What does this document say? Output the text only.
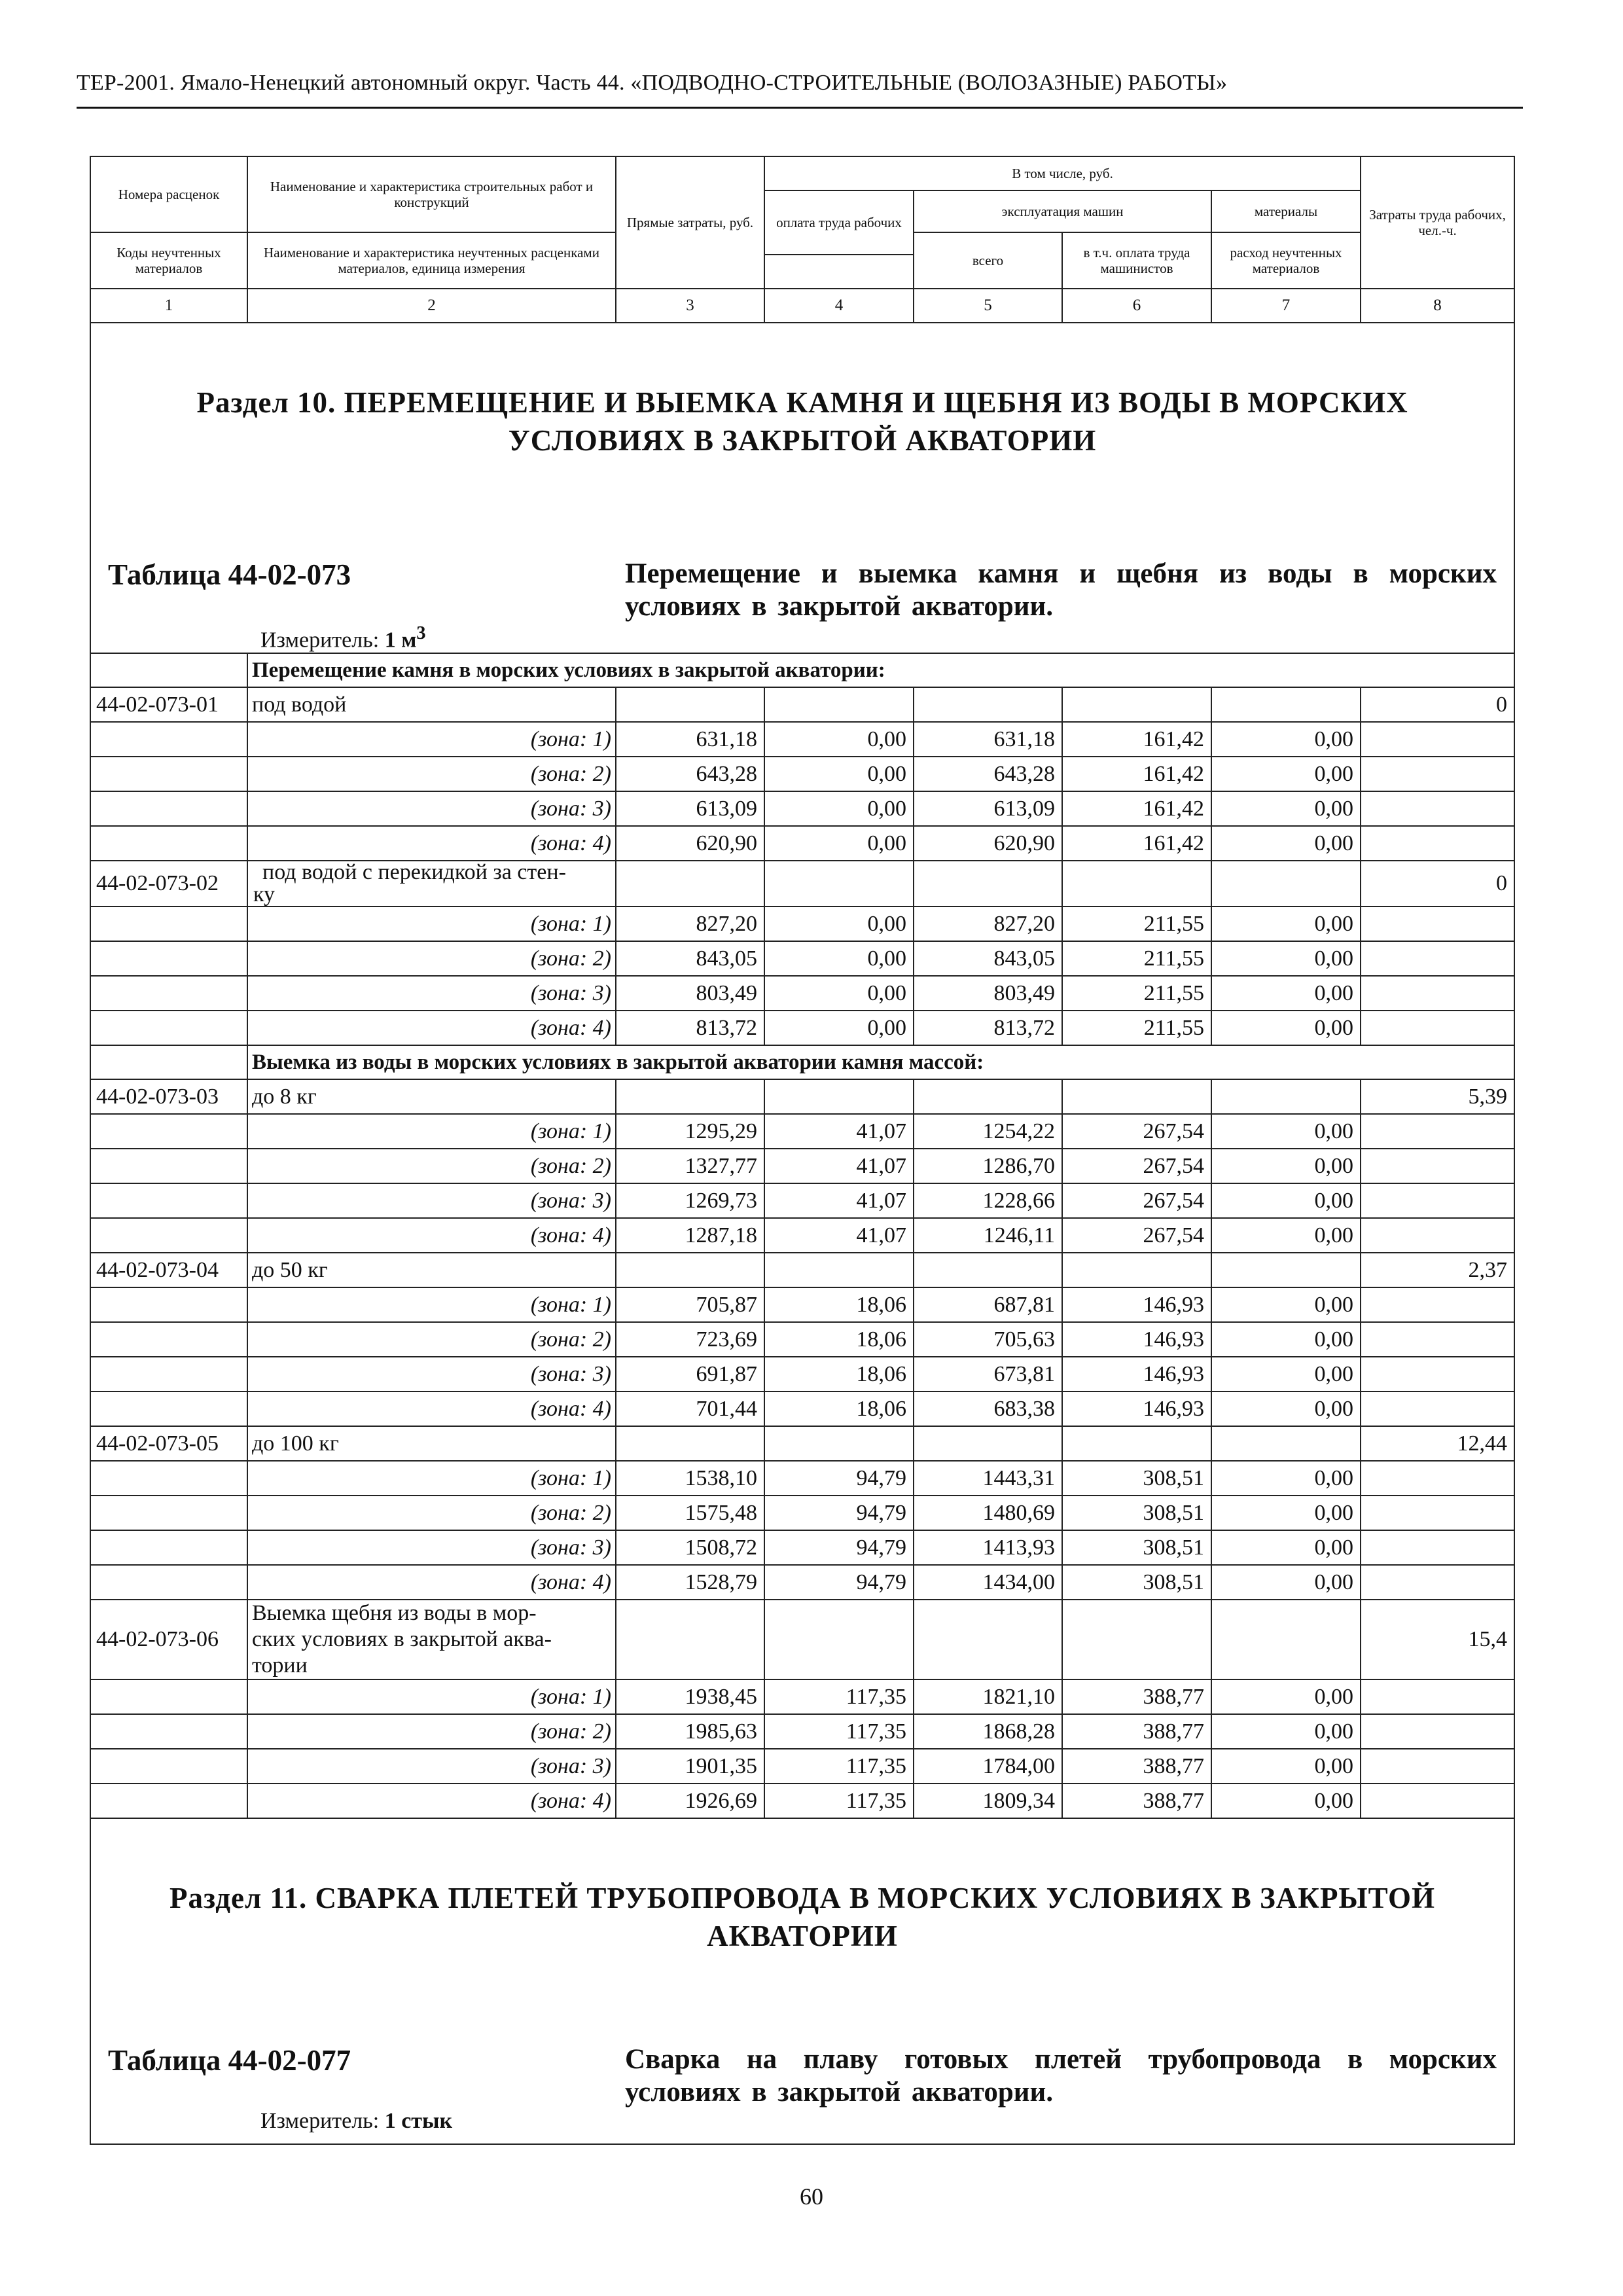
ТЕР-2001. Ямало-Ненецкий автономный округ. Часть 44. «ПОДВОДНО-СТРОИТЕЛЬНЫЕ (ВОЛОЗАЗНЫЕ) РАБОТЫ»
Номера расценок	Наименование и характеристика строительных работ и конструкций	Прямые затраты, руб.	В том числе, руб.				Затраты труда рабочих, чел.-ч.
			оплата труда рабочих	эксплуатация машин		материалы	

Коды неучтенных материалов	Наименование и характеристика неучтенных расценками материалов, единица измерения			всего	в т.ч. оплата труда машинистов	расход неучтенных материалов	

1	2	3	4	5	6	7	8

Раздел 10. ПЕРЕМЕЩЕНИЕ И ВЫЕМКА КАМНЯ И ЩЕБНЯ ИЗ ВОДЫ В МОРСКИХ УСЛОВИЯХ В ЗАКРЫТОЙ АКВАТОРИИ
Таблица 44-02-073 Перемещение и выемка камня и щебня из воды в морских условиях в закрытой акватории.
Измеритель: 1 $м^3$

	Перемещение камня в морских условиях в закрытой акватории:						
44-02-073-01	под водой						0
	(зона: 1)	631,18	0,00	631,18	161,42	0,00	
	(зона: 2)	643,28	0,00	643,28	161,42	0,00	
	(зона: 3)	613,09	0,00	613,09	161,42	0,00	
	(зона: 4)	620,90	0,00	620,90	161,42	0,00	
44-02-073-02	под водой с перекидкой за стен-
ку						0
	(зона: 1)	827,20	0,00	827,20	211,55	0,00	
	(зона: 2)	843,05	0,00	843,05	211,55	0,00	
	(зона: 3)	803,49	0,00	803,49	211,55	0,00	
	(зона: 4)	813,72	0,00	813,72	211,55	0,00	
	Выемка из воды в морских условиях в закрытой акватории камня массой:						
44-02-073-03	до 8 кг						5,39
	(зона: 1)	1295,29	41,07	1254,22	267,54	0,00	
	(зона: 2)	1327,77	41,07	1286,70	267,54	0,00	
	(зона: 3)	1269,73	41,07	1228,66	267,54	0,00	
	(зона: 4)	1287,18	41,07	1246,11	267,54	0,00	
44-02-073-04	до 50 кг						2,37
	(зона: 1)	705,87	18,06	687,81	146,93	0,00	
	(зона: 2)	723,69	18,06	705,63	146,93	0,00	
	(зона: 3)	691,87	18,06	673,81	146,93	0,00	
	(зона: 4)	701,44	18,06	683,38	146,93	0,00	
44-02-073-05	до 100 кг						12,44
	(зона: 1)	1538,10	94,79	1443,31	308,51	0,00	
	(зона: 2)	1575,48	94,79	1480,69	308,51	0,00	
	(зона: 3)	1508,72	94,79	1413,93	308,51	0,00	
	(зона: 4)	1528,79	94,79	1434,00	308,51	0,00	
44-02-073-06	Выемка щебня из воды в мор-
ских условиях в закрытой аква-
тории						15,4
	(зона: 1)	1938,45	117,35	1821,10	388,77	0,00	
	(зона: 2)	1985,63	117,35	1868,28	388,77	0,00	
	(зона: 3)	1901,35	117,35	1784,00	388,77	0,00	
	(зона: 4)	1926,69	117,35	1809,34	388,77	0,00	

Раздел 11. СВАРКА ПЛЕТЕЙ ТРУБОПРОВОДА В МОРСКИХ УСЛОВИЯХ В ЗАКРЫТОЙ АКВАТОРИИ
Таблица 44-02-077 Сварка на плаву готовых плетей трубопровода в морских условиях в закрытой акватории.
Измеритель: 1 стык							
60
